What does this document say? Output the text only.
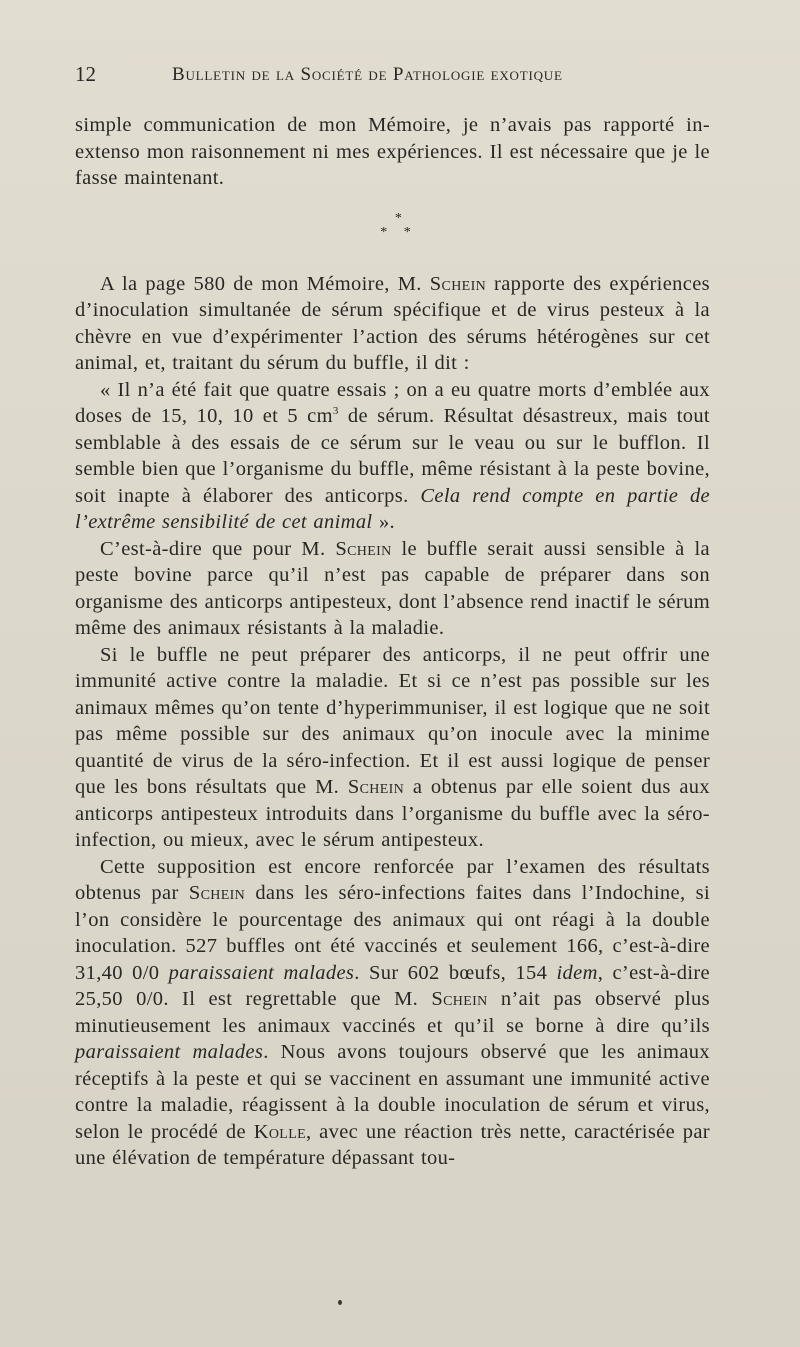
12	Bulletin de la Société de Pathologie exotique

simple communication de mon Mémoire, je n’avais pas rapporté in-extenso mon raisonnement ni mes expériences. Il est nécessaire que je le fasse maintenant.

*
* *

A la page 580 de mon Mémoire, M. Schein rapporte des expériences d’inoculation simultanée de sérum spécifique et de virus pesteux à la chèvre en vue d’expérimenter l’action des sérums hétérogènes sur cet animal, et, traitant du sérum du buffle, il dit :

« Il n’a été fait que quatre essais ; on a eu quatre morts d’emblée aux doses de 15, 10, 10 et 5 $cm^3$ de sérum. Résultat désastreux, mais tout semblable à des essais de ce sérum sur le veau ou sur le bufflon. Il semble bien que l’organisme du buffle, même résistant à la peste bovine, soit inapte à élaborer des anticorps. Cela rend compte en partie de l’extrême sensibilité de cet animal ».

C’est-à-dire que pour M. Schein le buffle serait aussi sensible à la peste bovine parce qu’il n’est pas capable de préparer dans son organisme des anticorps antipesteux, dont l’absence rend inactif le sérum même des animaux résistants à la maladie.

Si le buffle ne peut préparer des anticorps, il ne peut offrir une immunité active contre la maladie. Et si ce n’est pas possible sur les animaux mêmes qu’on tente d’hyperimmuniser, il est logique que ne soit pas même possible sur des animaux qu’on inocule avec la minime quantité de virus de la séro-infection. Et il est aussi logique de penser que les bons résultats que M. Schein a obtenus par elle soient dus aux anticorps antipesteux introduits dans l’organisme du buffle avec la séro-infection, ou mieux, avec le sérum antipesteux.

Cette supposition est encore renforcée par l’examen des résultats obtenus par Schein dans les séro-infections faites dans l’Indochine, si l’on considère le pourcentage des animaux qui ont réagi à la double inoculation. 527 buffles ont été vaccinés et seulement 166, c’est-à-dire 31,40 0/0 paraissaient malades. Sur 602 bœufs, 154 idem, c’est-à-dire 25,50 0/0. Il est regrettable que M. Schein n’ait pas observé plus minutieusement les animaux vaccinés et qu’il se borne à dire qu’ils paraissaient malades. Nous avons toujours observé que les animaux réceptifs à la peste et qui se vaccinent en assumant une immunité active contre la maladie, réagissent à la double inoculation de sérum et virus, selon le procédé de Kolle, avec une réaction très nette, caractérisée par une élévation de température dépassant tou-
